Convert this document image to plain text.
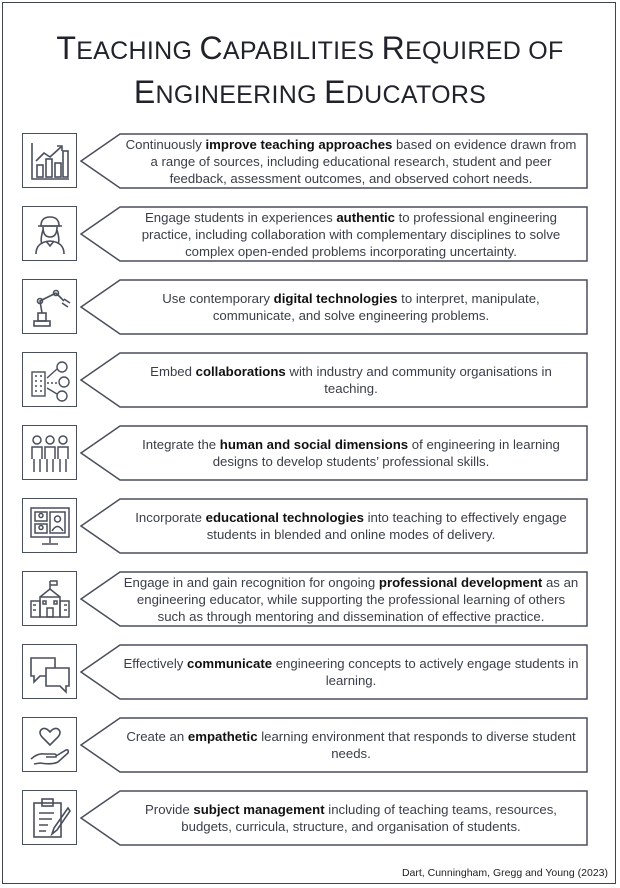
TEACHING CAPABILITIES REQUIRED OF
ENGINEERING EDUCATORS
Continuously improve teaching approaches based on evidence drawn from a range of sources, including educational research, student and peer feedback, assessment outcomes, and observed cohort needs.
Engage students in experiences authentic to professional engineering practice, including collaboration with complementary disciplines to solve complex open-ended problems incorporating uncertainty.
Use contemporary digital technologies to interpret, manipulate, communicate, and solve engineering problems.
Embed collaborations with industry and community organisations in teaching.
Integrate the human and social dimensions of engineering in learning designs to develop students’ professional skills.
Incorporate educational technologies into teaching to effectively engage students in blended and online modes of delivery.
Engage in and gain recognition for ongoing professional development as an engineering educator, while supporting the professional learning of others such as through mentoring and dissemination of effective practice.
Effectively communicate engineering concepts to actively engage students in learning.
Create an empathetic learning environment that responds to diverse student needs.
Provide subject management including of teaching teams, resources, budgets, curricula, structure, and organisation of students.
Dart, Cunningham, Gregg and Young (2023)
